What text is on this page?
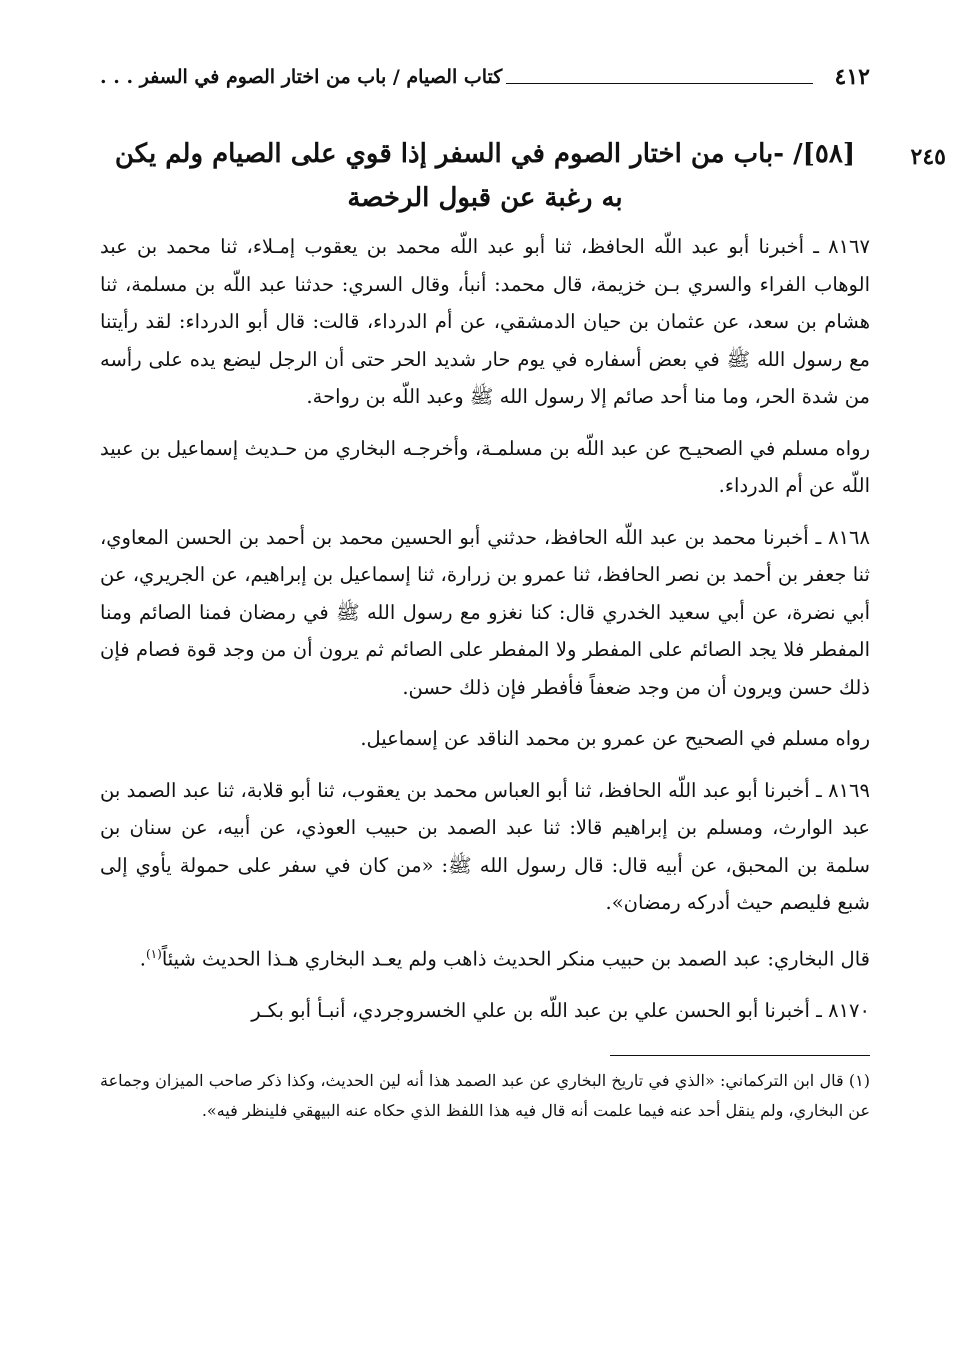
٤١٢
كتاب الصيام / باب من اختار الصوم في السفر . . .
٢٤٥
[٥٨]/ -باب من اختار الصوم في السفر إذا قوي على الصيام ولم يكن به رغبة عن قبول الرخصة

٨١٦٧ ـ أخبرنا أبو عبد اللّه الحافظ، ثنا أبو عبد اللّه محمد بن يعقوب إمـلاء، ثنا محمد بن عبد الوهاب الفراء والسري بـن خزيمة، قال محمد: أنبأ، وقال السري: حدثنا عبد اللّه بن مسلمة، ثنا هشام بن سعد، عن عثمان بن حيان الدمشقي، عن أم الدرداء، قالت: قال أبو الدرداء: لقد رأيتنا مع رسول الله ﷺ في بعض أسفاره في يوم حار شديد الحر حتى أن الرجل ليضع يده على رأسه من شدة الحر، وما منا أحد صائم إلا رسول الله ﷺ وعبد اللّه بن رواحة.

رواه مسلم في الصحيـح عن عبد اللّه بن مسلمـة، وأخرجـه البخاري من حـديث إسماعيل بن عبيد اللّه عن أم الدرداء.

٨١٦٨ ـ أخبرنا محمد بن عبد اللّه الحافظ، حدثني أبو الحسين محمد بن أحمد بن الحسن المعاوي، ثنا جعفر بن أحمد بن نصر الحافظ، ثنا عمرو بن زرارة، ثنا إسماعيل بن إبراهيم، عن الجريري، عن أبي نضرة، عن أبي سعيد الخدري قال: كنا نغزو مع رسول الله ﷺ في رمضان فمنا الصائم ومنا المفطر فلا يجد الصائم على المفطر ولا المفطر على الصائم ثم يرون أن من وجد قوة فصام فإن ذلك حسن ويرون أن من وجد ضعفاً فأفطر فإن ذلك حسن.

رواه مسلم في الصحيح عن عمرو بن محمد الناقد عن إسماعيل.

٨١٦٩ ـ أخبرنا أبو عبد اللّه الحافظ، ثنا أبو العباس محمد بن يعقوب، ثنا أبو قلابة، ثنا عبد الصمد بن عبد الوارث، ومسلم بن إبراهيم قالا: ثنا عبد الصمد بن حبيب العوذي، عن أبيه، عن سنان بن سلمة بن المحبق، عن أبيه قال: قال رسول الله ﷺ: «من كان في سفر على حمولة يأوي إلى شبع فليصم حيث أدركه رمضان».

قال البخاري: عبد الصمد بن حبيب منكر الحديث ذاهب ولم يعـد البخاري هـذا الحديث شيئاً$^{(١)}$.

٨١٧٠ ـ أخبرنا أبو الحسن علي بن عبد اللّه بن علي الخسروجردي، أنبـأ أبو بكـر

(١) قال ابن التركماني: «الذي في تاريخ البخاري عن عبد الصمد هذا أنه لين الحديث، وكذا ذكر صاحب الميزان وجماعة عن البخاري، ولم ينقل أحد عنه فيما علمت أنه قال فيه هذا اللفظ الذي حكاه عنه البيهقي فلينظر فيه».
